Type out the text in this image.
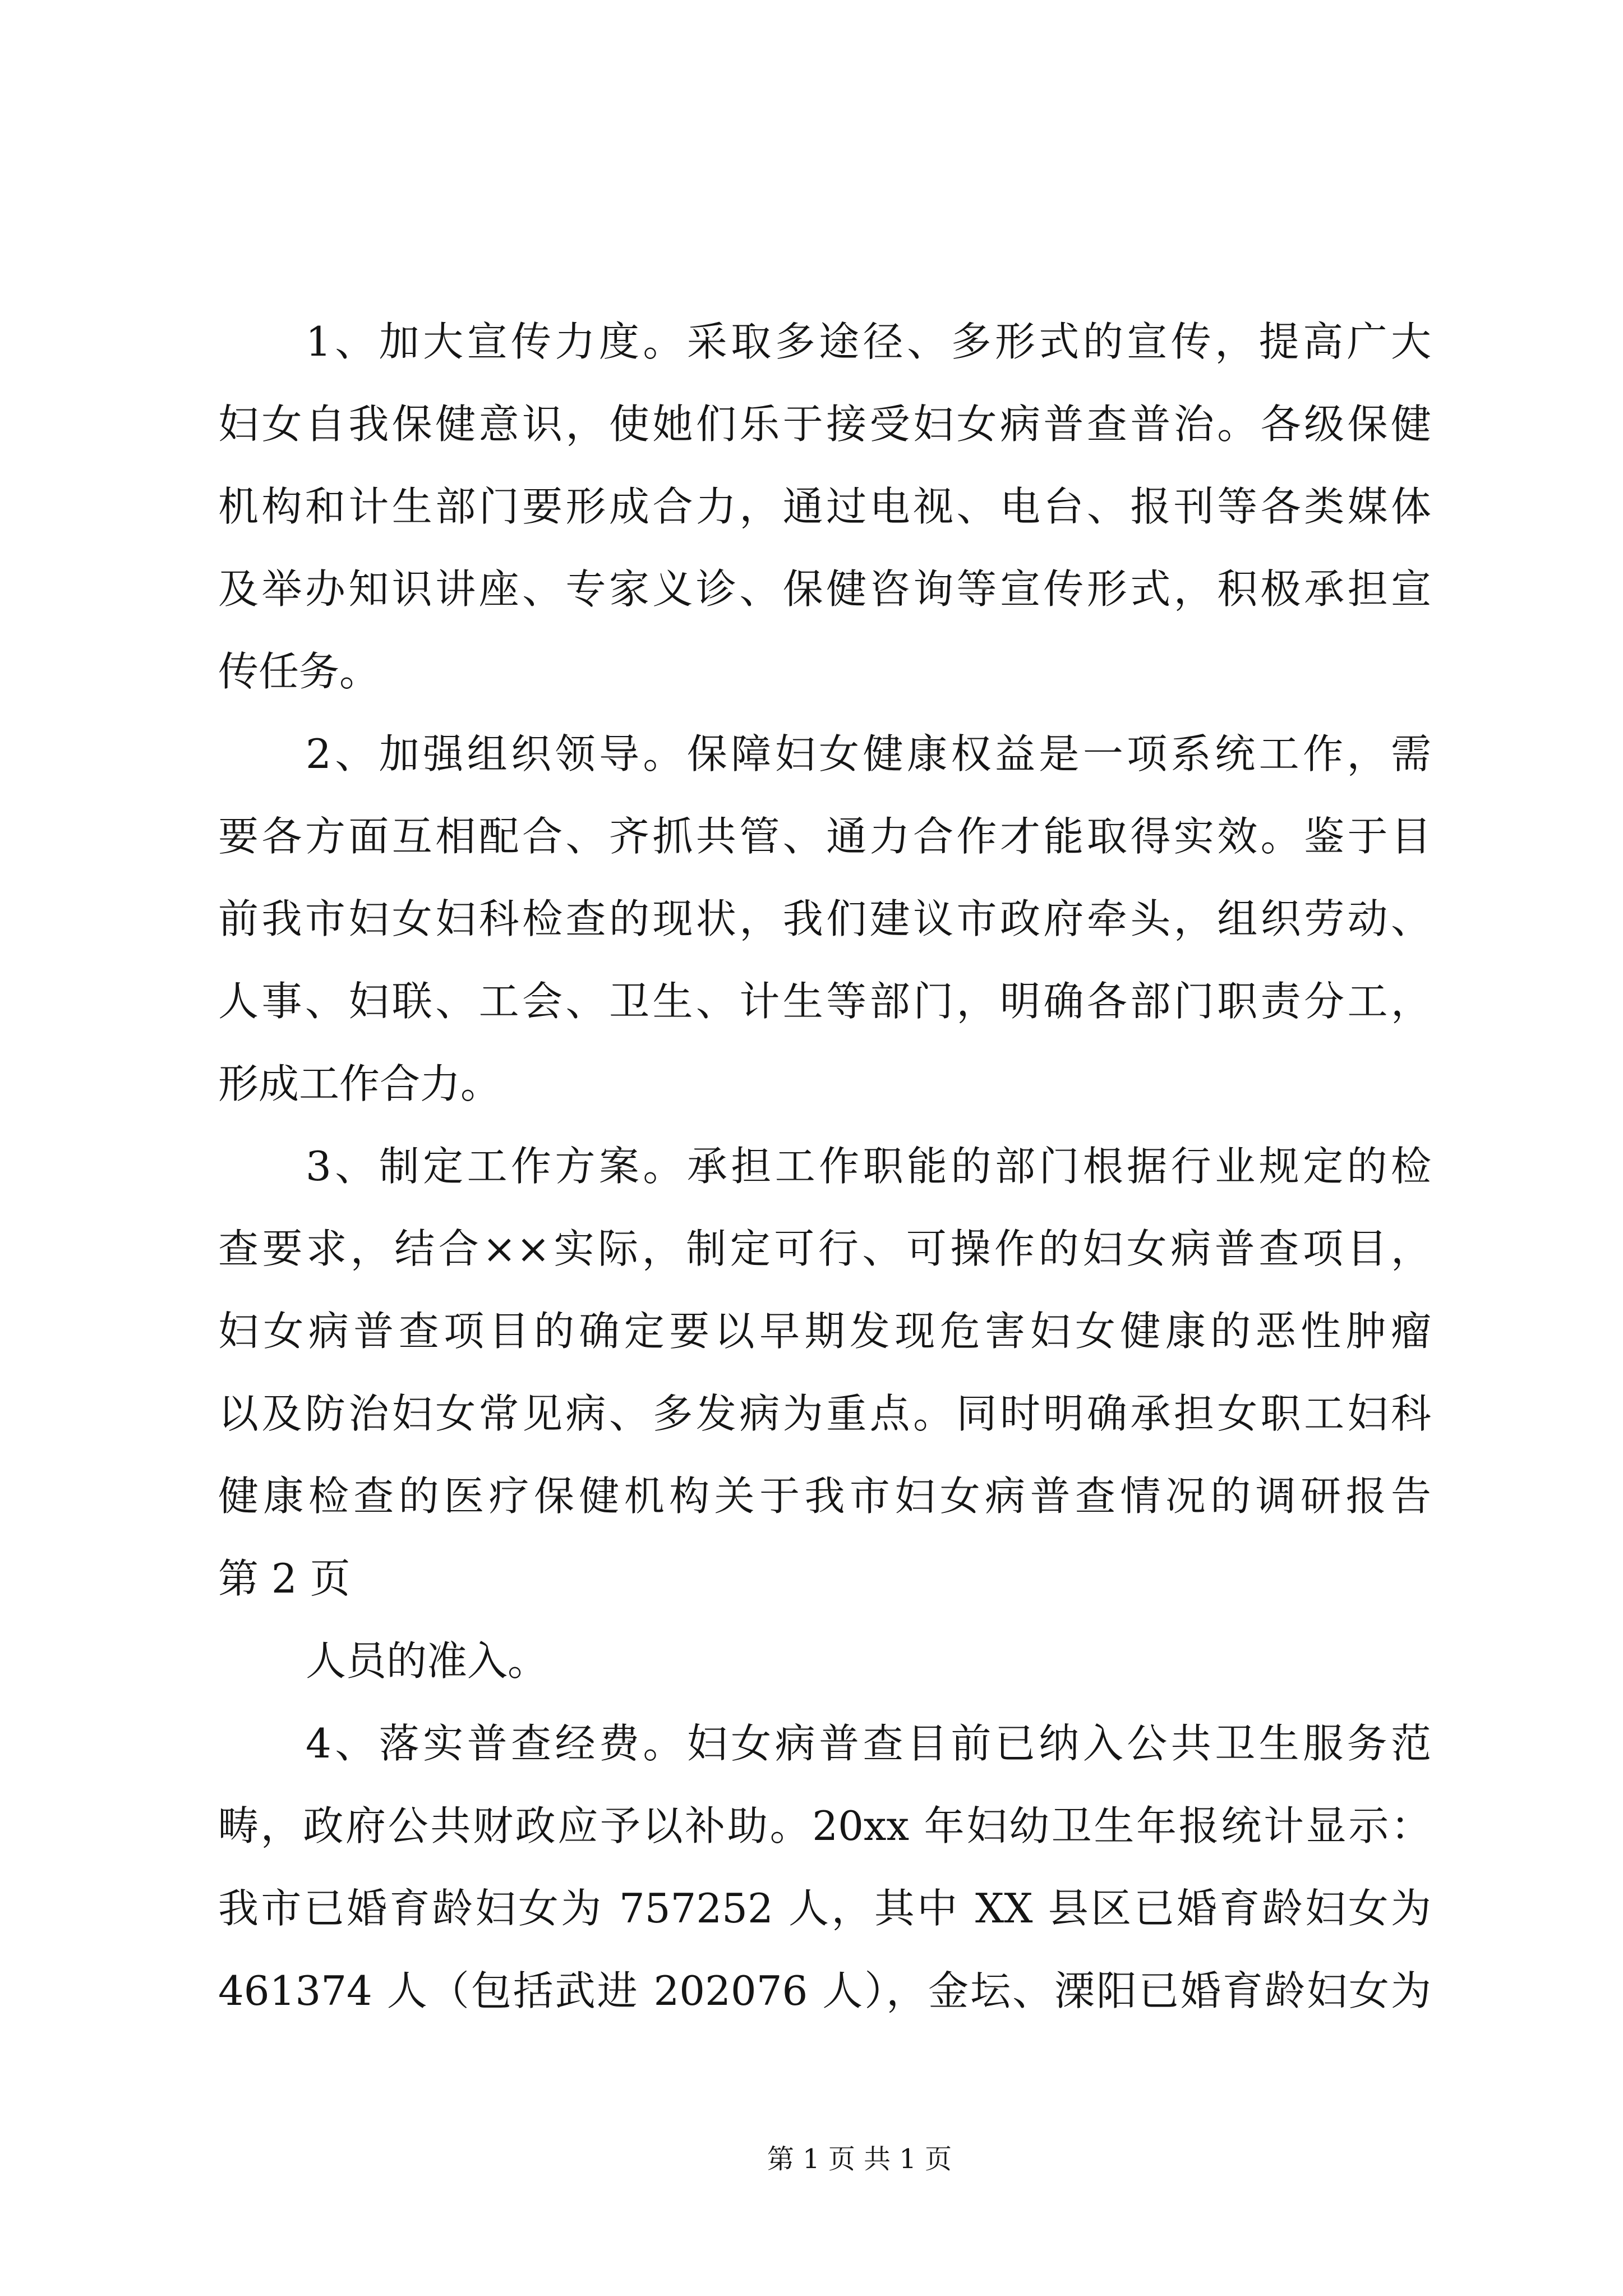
1、加大宣传力度。采取多途径、多形式的宣传，提高广大
妇女自我保健意识，使她们乐于接受妇女病普查普治。各级保健
机构和计生部门要形成合力，通过电视、电台、报刊等各类媒体
及举办知识讲座、专家义诊、保健咨询等宣传形式，积极承担宣
传任务。
2、加强组织领导。保障妇女健康权益是一项系统工作，需
要各方面互相配合、齐抓共管、通力合作才能取得实效。鉴于目
前我市妇女妇科检查的现状，我们建议市政府牵头，组织劳动、
人事、妇联、工会、卫生、计生等部门，明确各部门职责分工，
形成工作合力。
3、制定工作方案。承担工作职能的部门根据行业规定的检
查要求，结合××实际，制定可行、可操作的妇女病普查项目，
妇女病普查项目的确定要以早期发现危害妇女健康的恶性肿瘤
以及防治妇女常见病、多发病为重点。同时明确承担女职工妇科
健康检查的医疗保健机构关于我市妇女病普查情况的调研报告
第 2 页
人员的准入。
4、落实普查经费。妇女病普查目前已纳入公共卫生服务范
畴，政府公共财政应予以补助。20xx 年妇幼卫生年报统计显示：
我市已婚育龄妇女为 757252 人，其中 XX 县区已婚育龄妇女为
461374 人（包括武进 202076 人），金坛、溧阳已婚育龄妇女为
第 1 页 共 1 页
